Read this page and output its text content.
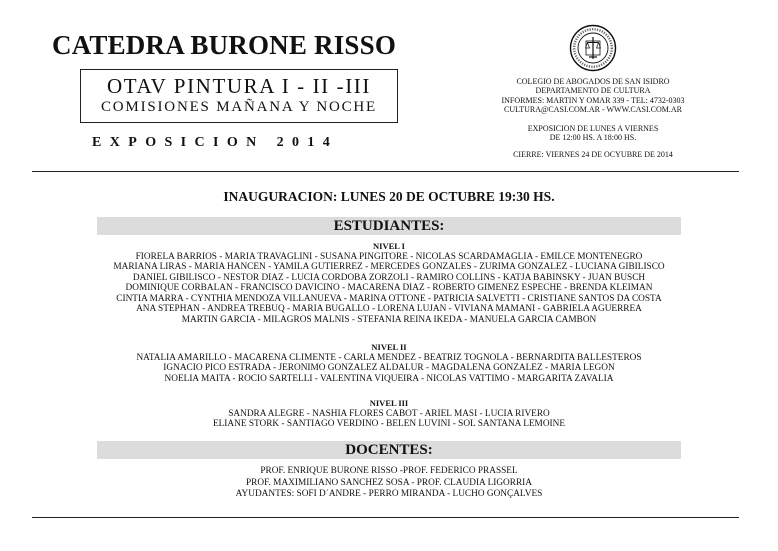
CATEDRA BURONE RISSO
OTAV PINTURA I - II -III
COMISIONES MAÑANA Y NOCHE
EXPOSICION 2014
COLEGIO DE ABOGADOS DE SAN ISIDRO
DEPARTAMENTO DE CULTURA
INFORMES: MARTIN Y OMAR 339 - TEL: 4732-0303
CULTURA@CASI.COM.AR - WWW.CASI.COM.AR
EXPOSICION DE LUNES A VIERNES
DE 12:00 HS. A 18:00 HS.
CIERRE: VIERNES 24 DE OCYUBRE DE 2014
INAUGURACION: LUNES 20 DE OCTUBRE 19:30 HS.
ESTUDIANTES:
NIVEL I
FIORELA BARRIOS - MARIA TRAVAGLINI - SUSANA PINGITORE - NICOLAS SCARDAMAGLIA - EMILCE MONTENEGRO
MARIANA LIRAS - MARIA HANCEN - YAMILA GUTIERREZ - MERCEDES GONZALES - ZURIMA GONZALEZ - LUCIANA GIBILISCO
DANIEL GIBILISCO - NESTOR DIAZ - LUCIA CORDOBA ZORZOLI - RAMIRO COLLINS - KATJA BABINSKY - JUAN BUSCH
DOMINIQUE CORBALAN - FRANCISCO DAVICINO - MACARENA DIAZ - ROBERTO GIMENEZ ESPECHE - BRENDA KLEIMAN
CINTIA MARRA - CYNTHIA MENDOZA VILLANUEVA - MARINA OTTONE - PATRICIA SALVETTI - CRISTIANE SANTOS DA COSTA
ANA STEPHAN - ANDREA TREBUQ - MARIA BUGALLO - LORENA LUJAN - VIVIANA MAMANI - GABRIELA AGUERREA
MARTIN GARCIA - MILAGROS MALNIS - STEFANIA REINA IKEDA - MANUELA GARCIA CAMBON
NIVEL II
NATALIA AMARILLO - MACARENA CLIMENTE - CARLA MENDEZ - BEATRIZ TOGNOLA - BERNARDITA BALLESTEROS
IGNACIO PICO ESTRADA - JERONIMO GONZALEZ ALDALUR - MAGDALENA GONZALEZ - MARIA LEGON
NOELIA MAITA - ROCIO SARTELLI - VALENTINA VIQUEIRA - NICOLAS VATTIMO - MARGARITA ZAVALIA
NIVEL III
SANDRA ALEGRE - NASHIA FLORES CABOT - ARIEL MASI - LUCIA RIVERO
ELIANE STORK - SANTIAGO VERDINO - BELEN LUVINI - SOL SANTANA LEMOINE
DOCENTES:
PROF. ENRIQUE BURONE RISSO -PROF. FEDERICO PRASSEL
PROF. MAXIMILIANO SANCHEZ SOSA - PROF. CLAUDIA LIGORRIA
AYUDANTES: SOFI D´ANDRE - PERRO MIRANDA - LUCHO GONÇALVES
